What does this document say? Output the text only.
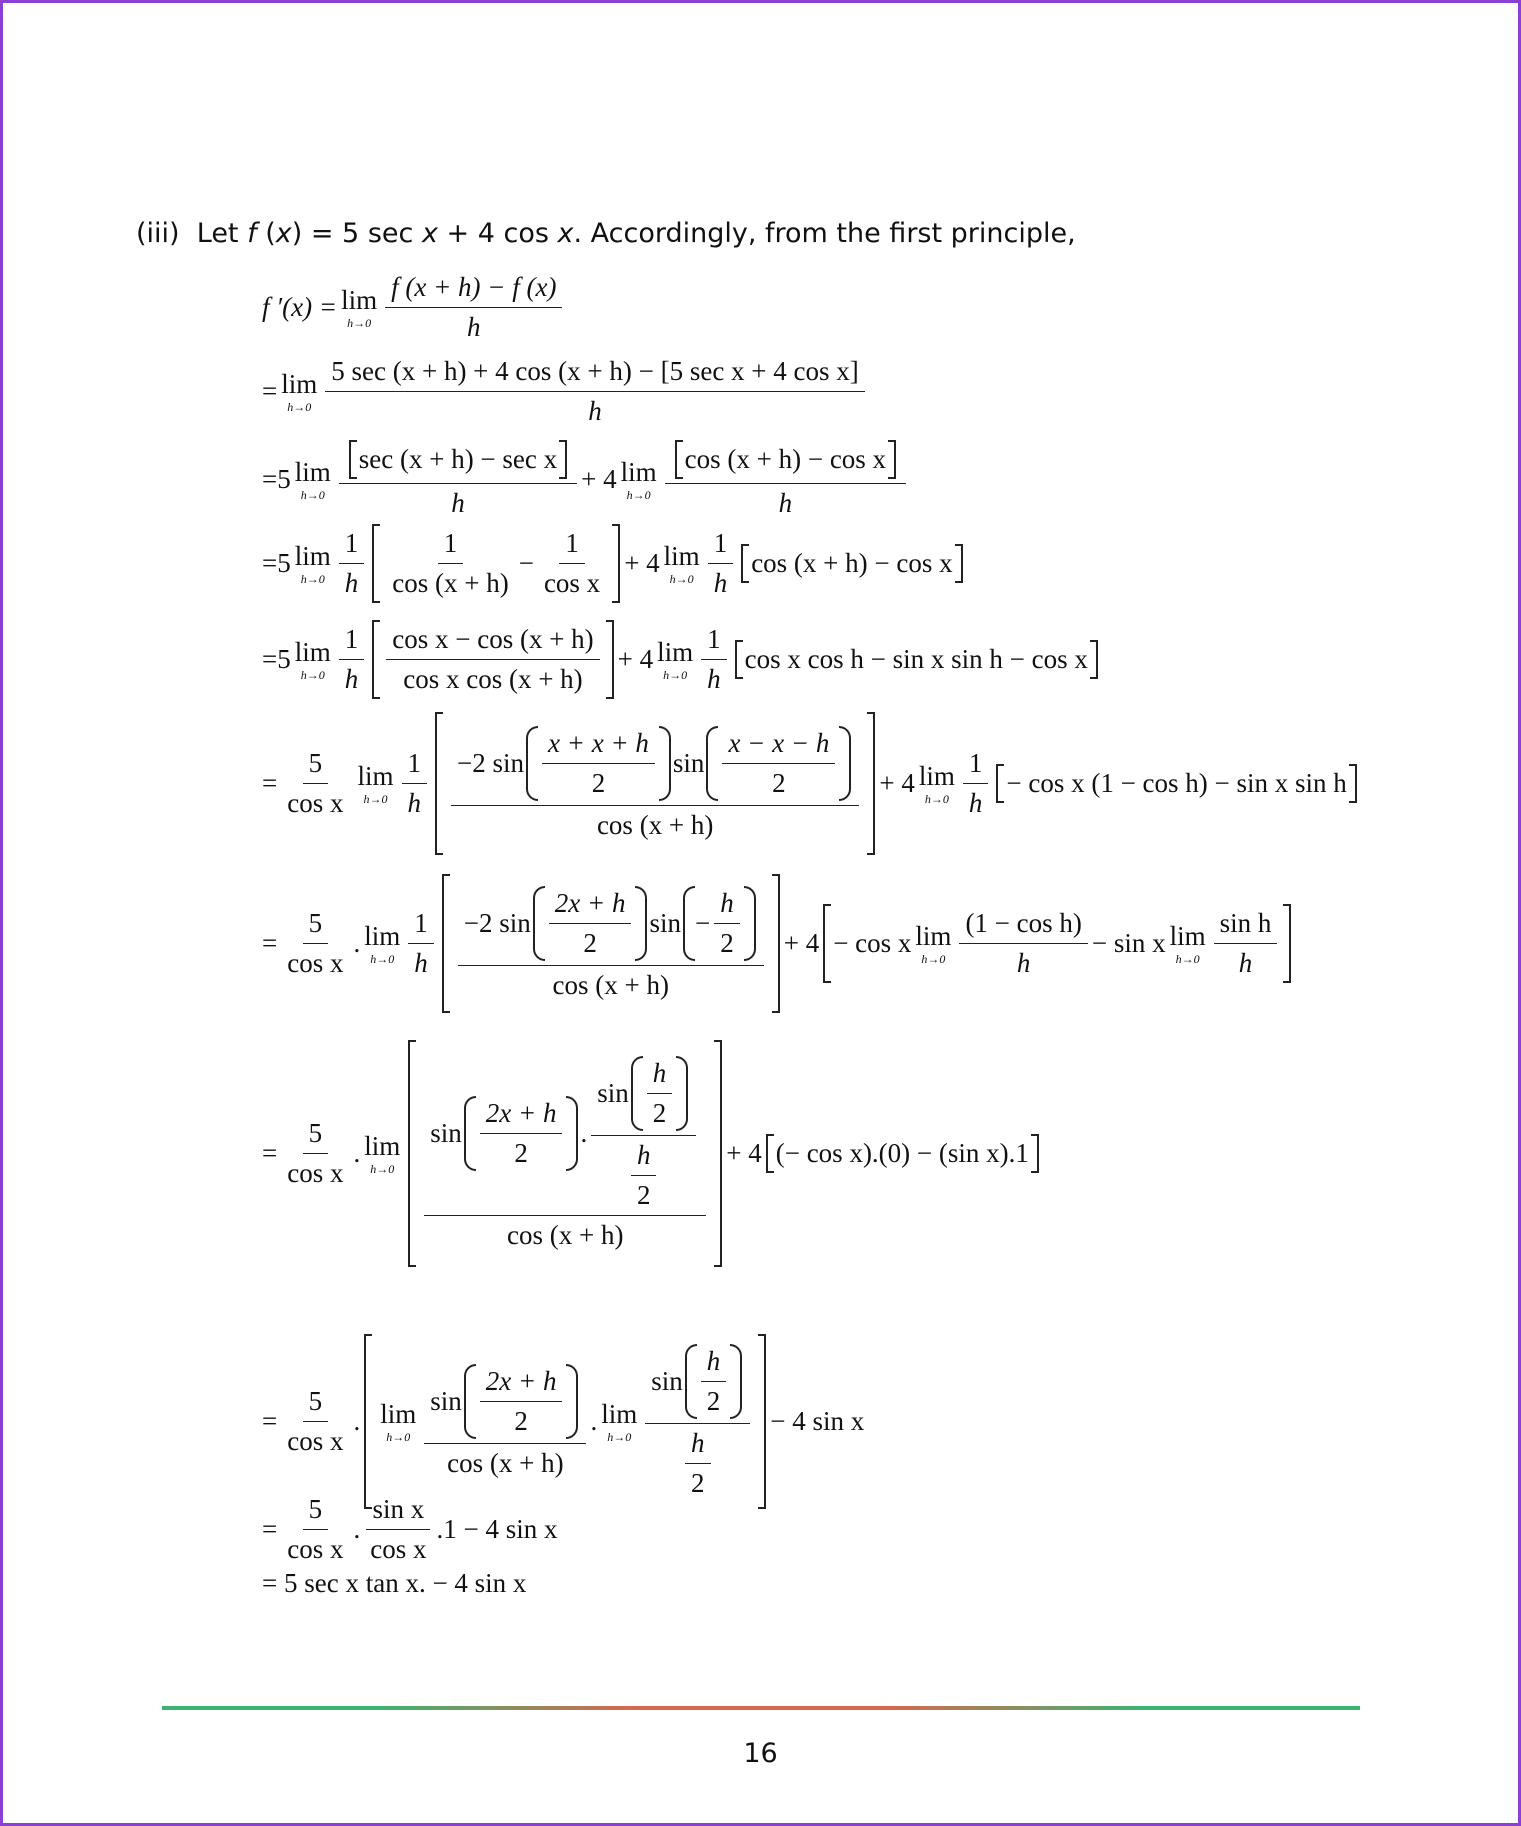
(iii) Let f (x) = 5 sec x + 4 cos x. Accordingly, from the first principle,
f ′(x) = lim
$h\to 0 \frac{f (x + h) - f (x)}{h}$
= lim
$h\to 0 \frac{\text{5 sec (x + h) + 4 cos (x + h) − [5 sec x + 4 cos x]}}{h}$
= 5 lim
$h\to 0 \frac{\text{sec (x + h) − sec x}}{h} + 4$ lim
$h\to 0 \frac{\text{cos (x + h) − cos x}}{h}$
= 5 lim
$h\to 0 \frac{1}{h} \frac{1}{\cos (x + h)} - \frac{1}{\text{cos x}} + 4$ lim
$h\to 0 \frac{1}{h}$ cos (x + h) − cos x
= 5 lim
$h\to 0 \frac{1}{h} \frac{\text{cos x − cos (x + h)}}{\text{cos x cos (x + h)}} + 4$ lim
$h\to 0 \frac{1}{h}$ cos x cos h − sin x sin h − cos x
= $\frac{5}{\text{cos x}}$ lim
$h\to 0 \frac{1}{h} \frac{-2 \sin \frac{x + x + h}{2} \sin \frac{x - x - h}{2}}{\cos (x + h)} + 4$ lim
$h\to 0 \frac{1}{h} - \cos x$ (1 − cos h) − sin x sin h
= $\frac{5}{\text{cos x}}$ . lim
$h\to 0 \frac{1}{h} \frac{-2 \sin \frac{2x + h}{2} \sin - \frac{h}{2}}{\cos (x + h)} + 4 - \cos x$ lim
$h\to 0 \frac{\text{(1 − cos h)}}{h} - \sin x$ lim
$h\to 0 \frac{\text{sin h}}{h}$
= $\frac{5}{\text{cos x}}$ . lim
h→0
$\sin \frac{2x + h}{2}$ . $\frac{\sin \frac{h}{2}}{\frac{h}{2}}$
cos (x + h)
+ 4 (− cos x).(0) − (sin x).1
= $\frac{5}{\text{cos x}}$ . lim
$h\to 0 \frac{\sin \frac{2x + h}{2}}{\cos (x + h)}$ . lim
$h\to 0 \frac{\sin \frac{h}{2}}{\frac{h}{2}} - 4$ sin x
= $\frac{5}{\text{cos x}}$ . $\frac{\text{sin x}}{\text{cos x}} .1 - 4$ sin x
= 5 sec x tan x. − 4 sin x
16
